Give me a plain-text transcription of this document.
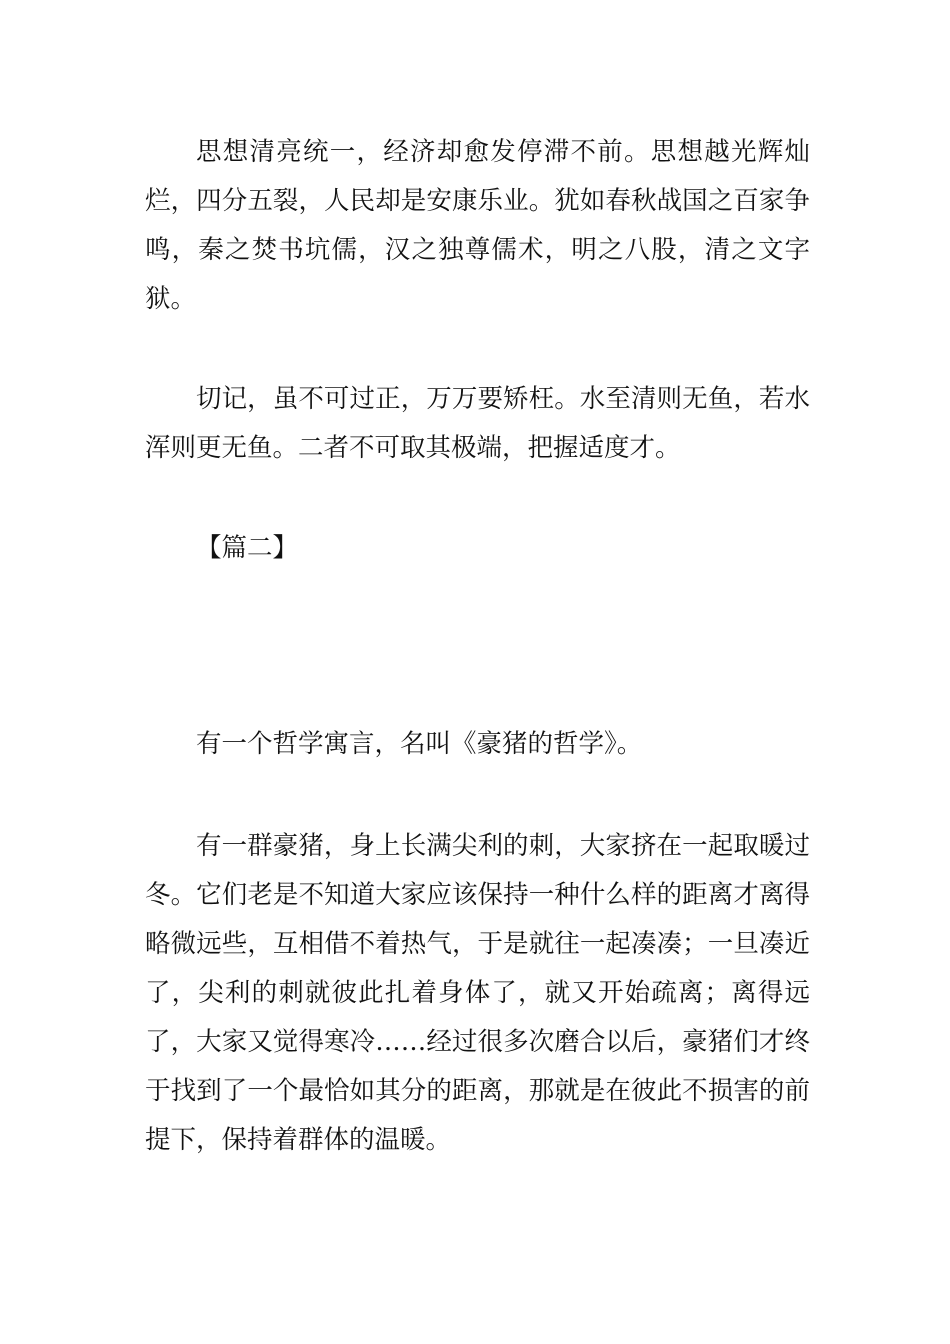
思想清亮统一，经济却愈发停滞不前。思想越光辉灿烂，四分五裂，人民却是安康乐业。犹如春秋战国之百家争鸣，秦之焚书坑儒，汉之独尊儒术，明之八股，清之文字狱。

切记，虽不可过正，万万要矫枉。水至清则无鱼，若水浑则更无鱼。二者不可取其极端，把握适度才。

【篇二】

有一个哲学寓言，名叫《豪猪的哲学》。

有一群豪猪，身上长满尖利的刺，大家挤在一起取暖过冬。它们老是不知道大家应该保持一种什么样的距离才离得略微远些，互相借不着热气，于是就往一起凑凑；一旦凑近了，尖利的刺就彼此扎着身体了，就又开始疏离；离得远了，大家又觉得寒冷……经过很多次磨合以后，豪猪们才终于找到了一个最恰如其分的距离，那就是在彼此不损害的前提下，保持着群体的温暖。
